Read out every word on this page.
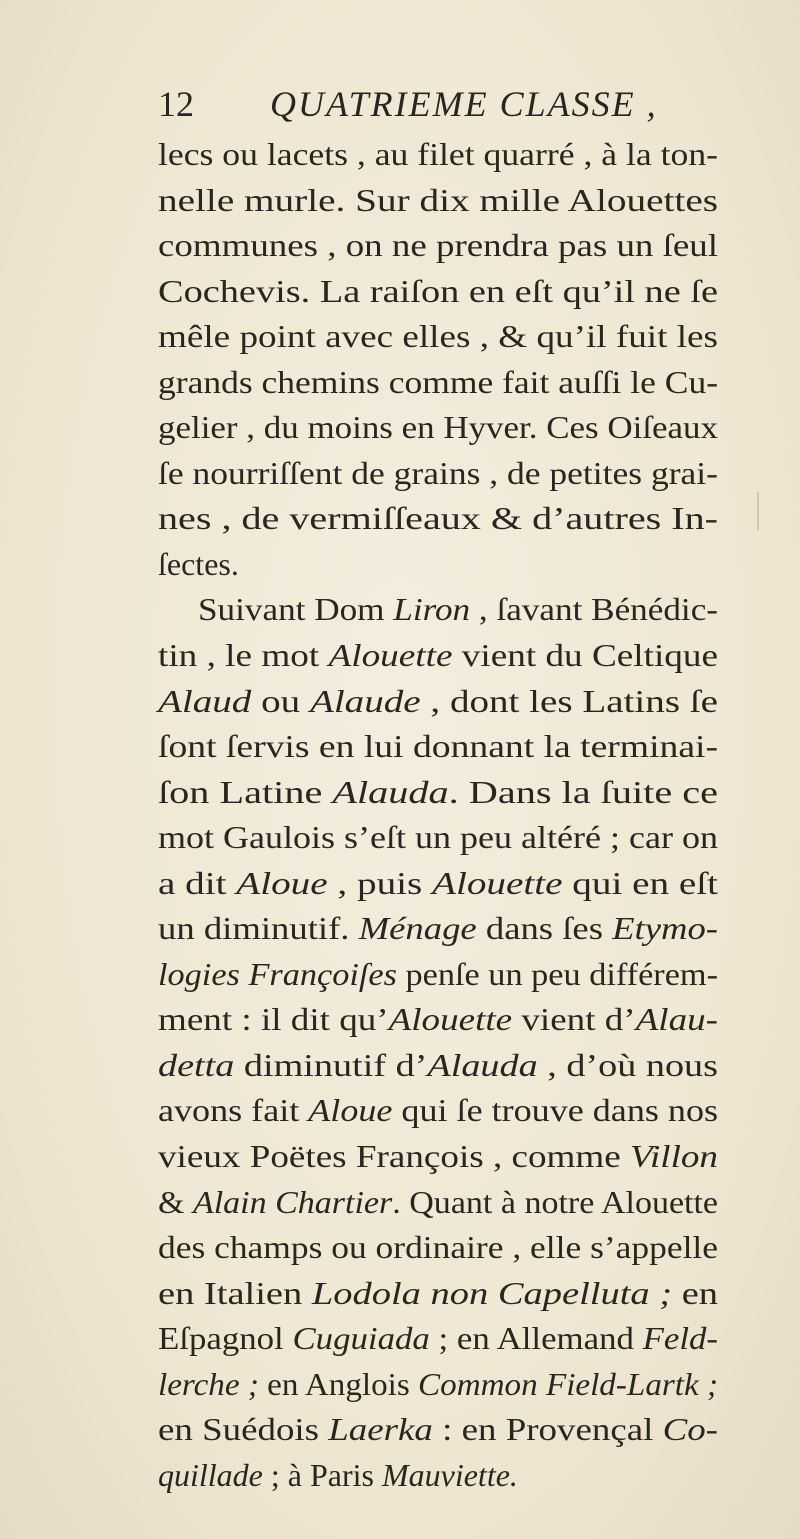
12 QUATRIEME CLASSE ,
lecs ou lacets , au filet quarré , à la ton-
nelle murle. Sur dix mille Alouettes
communes , on ne prendra pas un ſeul
Cochevis. La raiſon en eſt qu’il ne ſe
mêle point avec elles , & qu’il fuit les
grands chemins comme fait auſſi le Cu-
gelier , du moins en Hyver. Ces Oiſeaux
ſe nourriſſent de grains , de petites grai-
nes , de vermiſſeaux & d’autres In-
ſectes.
Suivant Dom Liron , ſavant Bénédic-
tin , le mot Alouette vient du Celtique
Alaud ou Alaude , dont les Latins ſe
ſont ſervis en lui donnant la terminai-
ſon Latine Alauda. Dans la ſuite ce
mot Gaulois s’eſt un peu altéré ; car on
a dit Aloue , puis Alouette qui en eſt
un diminutif. Ménage dans ſes Etymo-
logies Françoiſes penſe un peu différem-
ment : il dit qu’Alouette vient d’Alau-
detta diminutif d’Alauda , d’où nous
avons fait Aloue qui ſe trouve dans nos
vieux Poëtes François , comme Villon
& Alain Chartier. Quant à notre Alouette
des champs ou ordinaire , elle s’appelle
en Italien Lodola non Capelluta ; en
Eſpagnol Cuguiada ; en Allemand Feld-
lerche ; en Anglois Common Field-Lartk ;
en Suédois Laerka : en Provençal Co-
quillade ; à Paris Mauviette.
